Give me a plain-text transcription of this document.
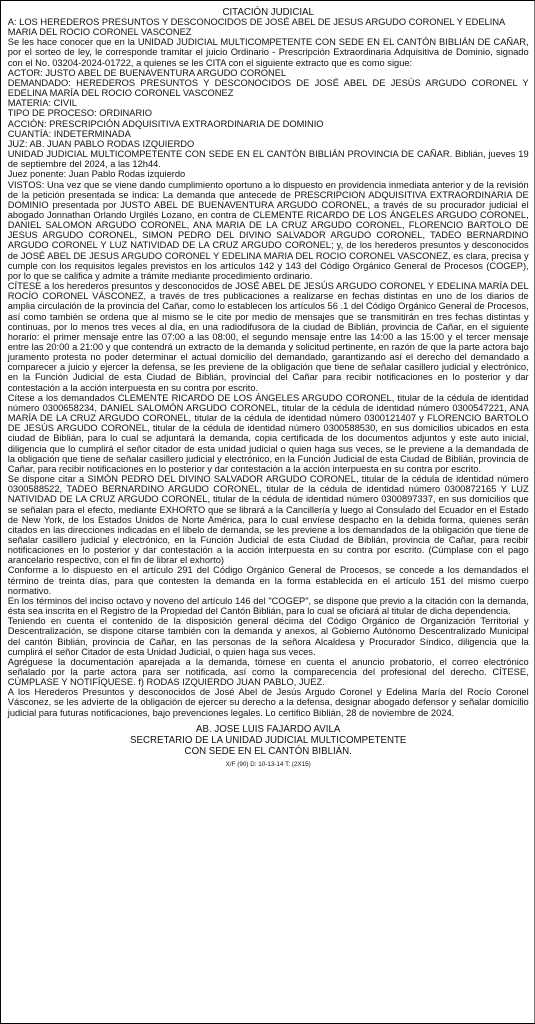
CITACIÓN JUDICIAL

A: LOS HEREDEROS PRESUNTOS Y DESCONOCIDOS DE JOSÉ ABEL DE JESUS ARGUDO CORONEL Y EDELINA MARIA DEL ROCIO CORONEL VASCONEZ

Se les hace conocer que en la UNIDAD JUDICIAL MULTICOMPETENTE CON SEDE EN EL CANTÓN BIBLIÁN DE CAÑAR, por el sorteo de ley, le corresponde tramitar el juicio Ordinario - Prescripción Extraordinaria Adquisitiva de Dominio, signado con el No. 03204-2024-01722, a quienes se les CITA con el siguiente extracto que es como sigue:

ACTOR: JUSTO ABEL DE BUENAVENTURA ARGUDO CORONEL

DEMANDADO: HEREDEROS PRESUNTOS Y DESCONOCIDOS DE JOSÉ ABEL DE JESÚS ARGUDO CORONEL Y EDELINA MARÍA DEL ROCIO CORONEL VASCONEZ

MATERIA: CIVIL

TIPO DE PROCESO: ORDINARIO

ACCIÓN: PRESCRIPCIÓN ADQUISITIVA EXTRAORDINARIA DE DOMINIO

CUANTÍA: INDETERMINADA

JUZ: AB. JUAN PABLO RODAS IZQUIERDO

UNIDAD JUDICIAL MULTICOMPETENTE CON SEDE EN EL CANTÓN BIBLIÁN PROVINCIA DE CAÑAR. Biblián, jueves 19 de septiembre del 2024, a las 12h44.

Juez ponente: Juan Pablo Rodas izquierdo

VISTOS: Una vez que se viene dando cumplimiento oportuno a lo dispuesto en providencia inmediata anterior y de la revisión de la petición presentada se indica: La demanda que antecede de PRESCRIPCION ADQUISITIVA EXTRAORDINARIA DE DOMINIO presentada por JUSTO ABEL DE BUENAVENTURA ARGUDO CORONEL, a través de su procurador judicial el abogado Jonnathan Orlando Urgilés Lozano, en contra de CLEMENTE RICARDO DE LOS ÁNGELES ARGUDO CORONEL, DANIEL SALOMON ARGUDO CORONEL, ANA MARIA DE LA CRUZ ARGUDO CORONEL, FLORENCIO BARTOLO DE JESUS ARGUDO CORONEL, SIMON PEDRO DEL DIVINO SALVADOR ARGUDO CORONEL, TADEO BERNARDINO ARGUDO CORONEL Y LUZ NATIVIDAD DE LA CRUZ ARGUDO CORONEL; y, de los herederos presuntos y desconocidos de JOSÉ ABEL DE JESUS ARGUDO CORONEL Y EDELINA MARIA DEL ROCIO CORONEL VASCONEZ, es clara, precisa y cumple con los requisitos legales previstos en los artículos 142 y 143 del Código Orgánico General de Procesos (COGEP), por lo que se califica y admite a trámite mediante procedimiento ordinario.

CÍTESE a los herederos presuntos y desconocidos de JOSÉ ABEL DE JESÚS ARGUDO CORONEL Y EDELINA MARÍA DEL ROCÍO CORONEL VÁSCONEZ, a través de tres publicaciones a realizarse en fechas distintas en uno de los diarios de amplia circulación de la provincia del Cañar, como lo establecen los artículos 56 .1 del Código Orgánico General de Procesos, así como también se ordena que al mismo se le cite por medio de mensajes que se transmitirán en tres fechas distintas y continuas, por lo menos tres veces al día, en una radiodifusora de la ciudad de Biblián, provincia de Cañar, en el siguiente horario: el primer mensaje entre las 07:00 a las 08:00, el segundo mensaje entre las 14:00 a las 15:00 y el tercer mensaje entre las 20:00 a 21:00 y que contendrá un extracto de la demanda y solicitud pertinente, en razón de que la parte actora bajo juramento protesta no poder determinar el actual domicilio del demandado, garantizando así el derecho del demandado a comparecer a juicio y ejercer la defensa, se les previene de la obligación que tiene de señalar casillero judicial y electrónico, en la Función Judicial de esta Ciudad de Biblián, provincial del Cañar para recibir notificaciones en lo posterior y dar contestación a la acción interpuesta en su contra por escrito.

Cítese a los demandados CLEMENTE RICARDO DE LOS ÁNGELES ARGUDO CORONEL, titular de la cédula de identidad número 0300658234, DANIEL SALOMÓN ARGUDO CORONEL, titular de la cédula de identidad número 0300547221, ANA MARÍA DE LA CRUZ ARGUDO CORONEL, titular de la cédula de identidad número 0300121407 y FLORENCIO BARTOLO DE JESÚS ARGUDO CORONEL, titular de la cédula de identidad número 0300588530, en sus domicilios ubicados en esta ciudad de Biblián, para lo cual se adjuntará la demanda, copia certificada de los documentos adjuntos y este auto inicial, diligencia que lo cumplirá el señor citador de esta unidad judicial o quien haga sus veces, se le previene a la demandada de la obligación que tiene de señalar casillero judicial y electrónico, en la Función Judicial de esta Ciudad de Biblián, provincia de Cañar, para recibir notificaciones en lo posterior y dar contestación a la acción interpuesta en su contra por escrito.

Se dispone citar a SIMÓN PEDRO DEL DIVINO SALVADOR ARGUDO CORONEL, titular de la cédula de identidad número 0300588522, TADEO BERNARDINO ARGUDO CORONEL, titular de la cédula de identidad número 0300872165 Y LUZ NATIVIDAD DE LA CRUZ ARGUDO CORONEL, titular de la cédula de identidad número 0300897337, en sus domicilios que se señalan para el efecto, mediante EXHORTO que se librará a la Cancillería y luego al Consulado del Ecuador en el Estado de New York, de los Estados Unidos de Norte América, para lo cual envíese despacho en la debida forma, quienes serán citados en las direcciones indicadas en el libelo de demanda, se les previene a los demandados de la obligación que tiene de señalar casillero judicial y electrónico, en la Función Judicial de esta Ciudad de Biblián, provincia de Cañar, para recibir notificaciones en lo posterior y dar contestación a la acción interpuesta en su contra por escrito. (Cúmplase con el pago arancelario respectivo, con el fin de librar el exhorto)

Conforme a lo dispuesto en el artículo 291 del Código Orgánico General de Procesos, se concede a los demandados el término de treinta días, para que contesten la demanda en la forma establecida en el artículo 151 del mismo cuerpo normativo.

En los términos del inciso octavo y noveno del artículo 146 del "COGEP", se dispone que previo a la citación con la demanda, ésta sea inscrita en el Registro de la Propiedad del Cantón Biblián, para lo cual se oficiará al titular de dicha dependencia.

Teniendo en cuenta el contenido de la disposición general décima del Código Orgánico de Organización Territorial y Descentralización, se dispone citarse también con la demanda y anexos, al Gobierno Autónomo Descentralizado Municipal del cantón Biblián, provincia de Cañar, en las personas de la señora Alcaldesa y Procurador Síndico, diligencia que la cumplirá el señor Citador de esta Unidad Judicial, o quien haga sus veces.

Agréguese la documentación aparejada a la demanda, tómese en cuenta el anuncio probatorio, el correo electrónico señalado por la parte actora para ser notificada, así como la comparecencia del profesional del derecho. CÍTESE, CÚMPLASE Y NOTIFÍQUESE. f) RODAS IZQUIERDO JUAN PABLO, JUEZ.

A los Herederos Presuntos y desconocidos de José Abel de Jesús Argudo Coronel y Edelina María del Rocío Coronel Vásconez, se les advierte de la obligación de ejercer su derecho a la defensa, designar abogado defensor y señalar domicilio judicial para futuras notificaciones, bajo prevenciones legales. Lo certifico Biblián, 28 de noviembre de 2024.

AB. JOSE LUIS FAJARDO AVILA
SECRETARIO DE LA UNIDAD JUDICIAL MULTICOMPETENTE
CON SEDE EN EL CANTÓN BIBLIÁN.
X/F (90) D: 10-13-14 T: (2X15)
